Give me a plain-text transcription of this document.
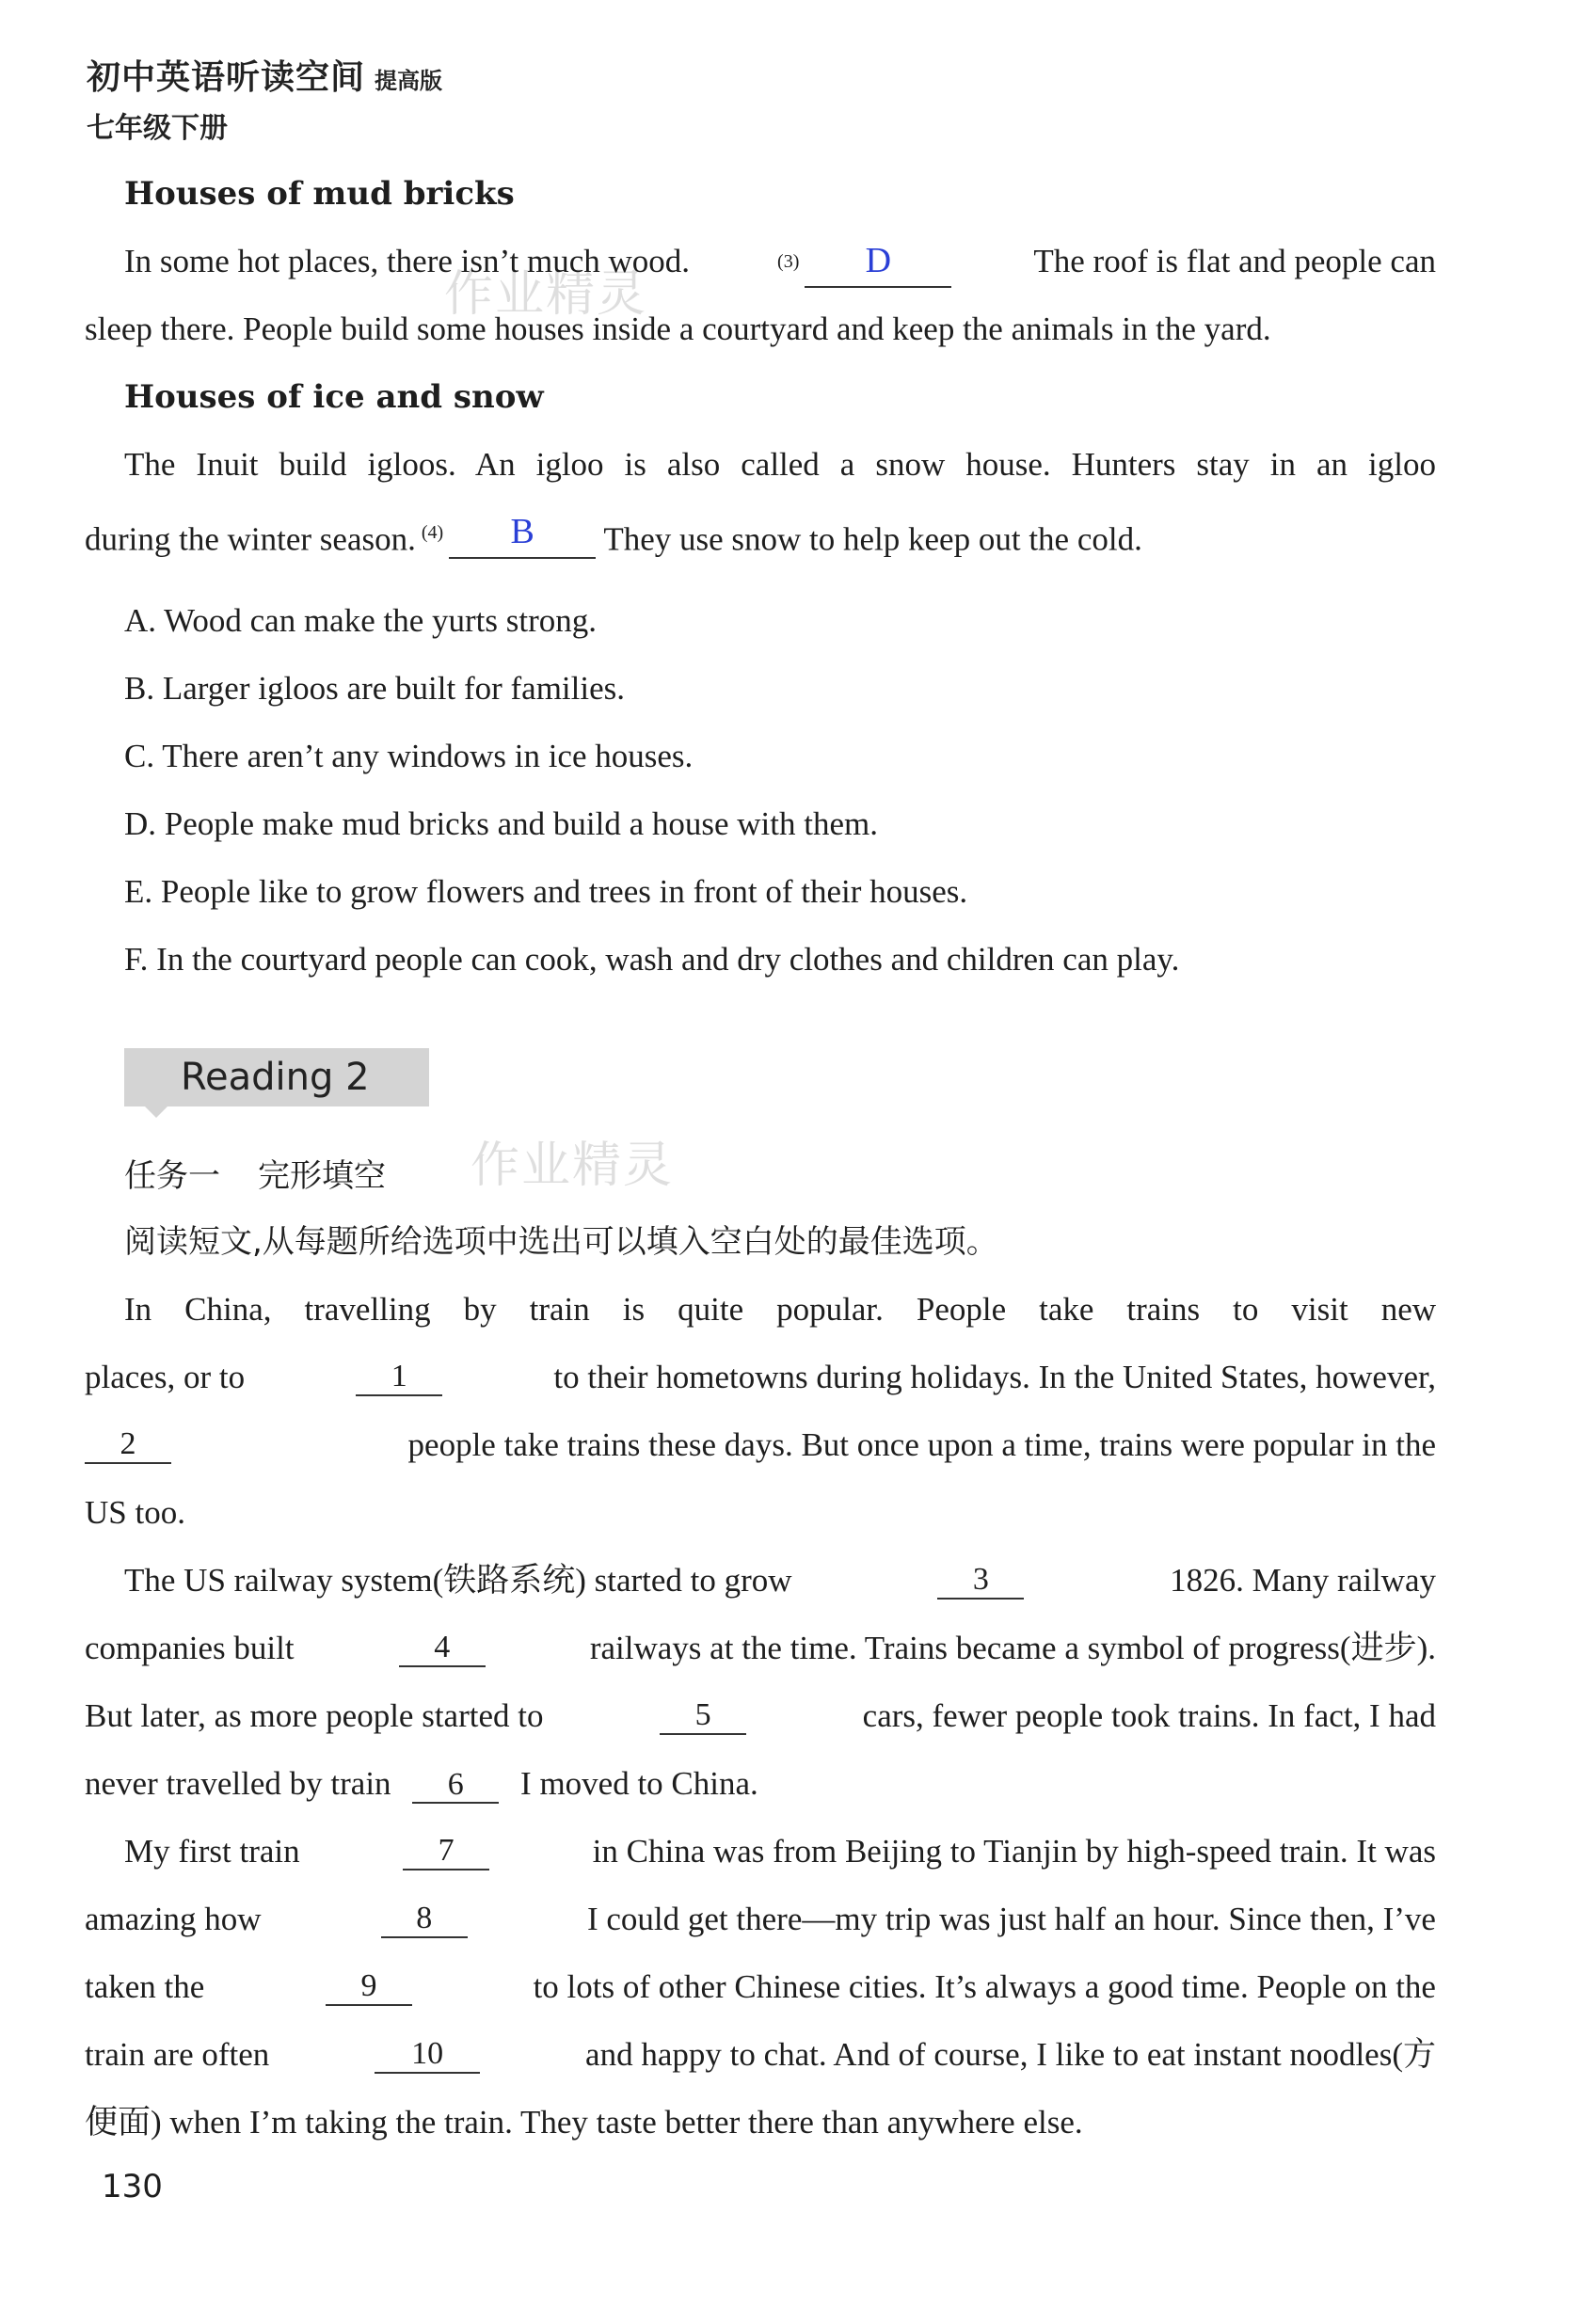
初中英语听读空间 提高版
七年级下册
作业精灵
作业精灵
Houses of mud bricks
In some hot places, there isn’t much wood.	$^{(3)}$ D	The roof is flat and people can
sleep there. People build some houses inside a courtyard and keep the animals in the yard.
Houses of ice and snow
The Inuit build igloos. An igloo is also called a snow house. Hunters stay in an igloo
during the winter season. $^{(4)}$ B They use snow to help keep out the cold.
A. Wood can make the yurts strong.
B. Larger igloos are built for families.
C. There aren’t any windows in ice houses.
D. People make mud bricks and build a house with them.
E. People like to grow flowers and trees in front of their houses.
F. In the courtyard people can cook, wash and dry clothes and children can play.
Reading 2
任务一 完形填空
阅读短文,从每题所给选项中选出可以填入空白处的最佳选项。
In China, travelling by train is quite popular. People take trains to visit new
places, or to	1	to their hometowns during holidays. In the United States, however,
2	people take trains these days. But once upon a time, trains were popular in the
US too.
The US railway system(铁路系统) started to grow	3	1826. Many railway
companies built	4	railways at the time. Trains became a symbol of progress(进步).
But later, as more people started to	5	cars, fewer people took trains. In fact, I had
never travelled by train 6 I moved to China.
My first train	7	in China was from Beijing to Tianjin by high-speed train. It was
amazing how	8	I could get there—my trip was just half an hour. Since then, I’ve
taken the	9	to lots of other Chinese cities. It’s always a good time. People on the
train are often	10	and happy to chat. And of course, I like to eat instant noodles(方
便面) when I’m taking the train. They taste better there than anywhere else.
130
